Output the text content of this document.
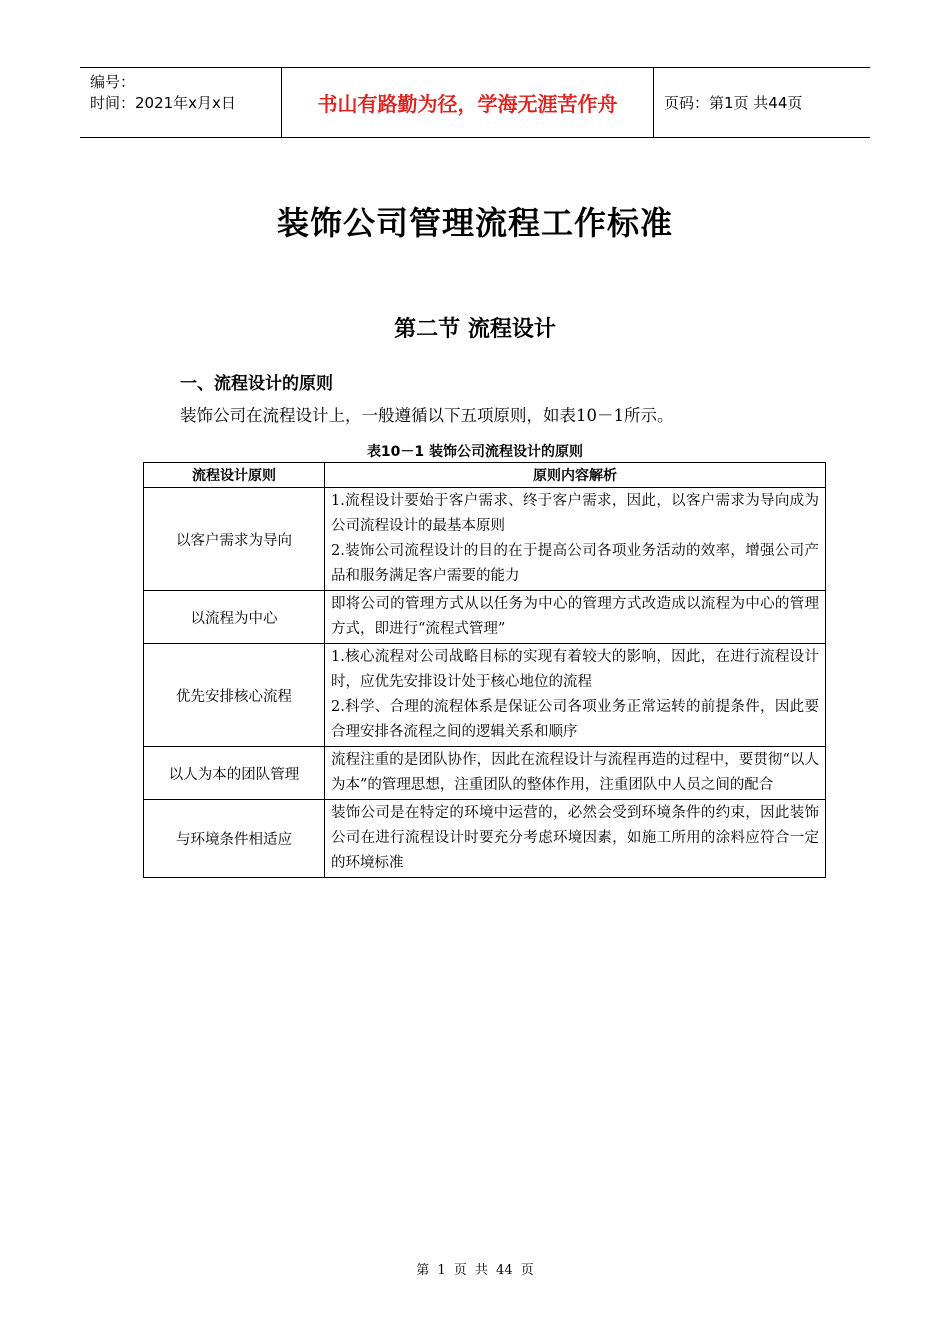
编号：
时间：2021年x月x日	书山有路勤为径，学海无涯苦作舟	页码：第1页 共44页
装饰公司管理流程工作标准
第二节 流程设计
一、流程设计的原则
装饰公司在流程设计上，一般遵循以下五项原则，如表10－1所示。
表10－1 装饰公司流程设计的原则
流程设计原则	原则内容解析
以客户需求为导向	1.流程设计要始于客户需求、终于客户需求，因此，以客户需求为导向成为公司流程设计的最基本原则
2.装饰公司流程设计的目的在于提高公司各项业务活动的效率，增强公司产品和服务满足客户需要的能力

以流程为中心	即将公司的管理方式从以任务为中心的管理方式改造成以流程为中心的管理方式，即进行“流程式管理”

优先安排核心流程	1.核心流程对公司战略目标的实现有着较大的影响，因此，在进行流程设计时，应优先安排设计处于核心地位的流程
2.科学、合理的流程体系是保证公司各项业务正常运转的前提条件，因此要合理安排各流程之间的逻辑关系和顺序

以人为本的团队管理	流程注重的是团队协作，因此在流程设计与流程再造的过程中，要贯彻“以人为本”的管理思想，注重团队的整体作用，注重团队中人员之间的配合

与环境条件相适应	装饰公司是在特定的环境中运营的，必然会受到环境条件的约束，因此装饰公司在进行流程设计时要充分考虑环境因素，如施工所用的涂料应符合一定的环境标准
第 1 页 共 44 页
